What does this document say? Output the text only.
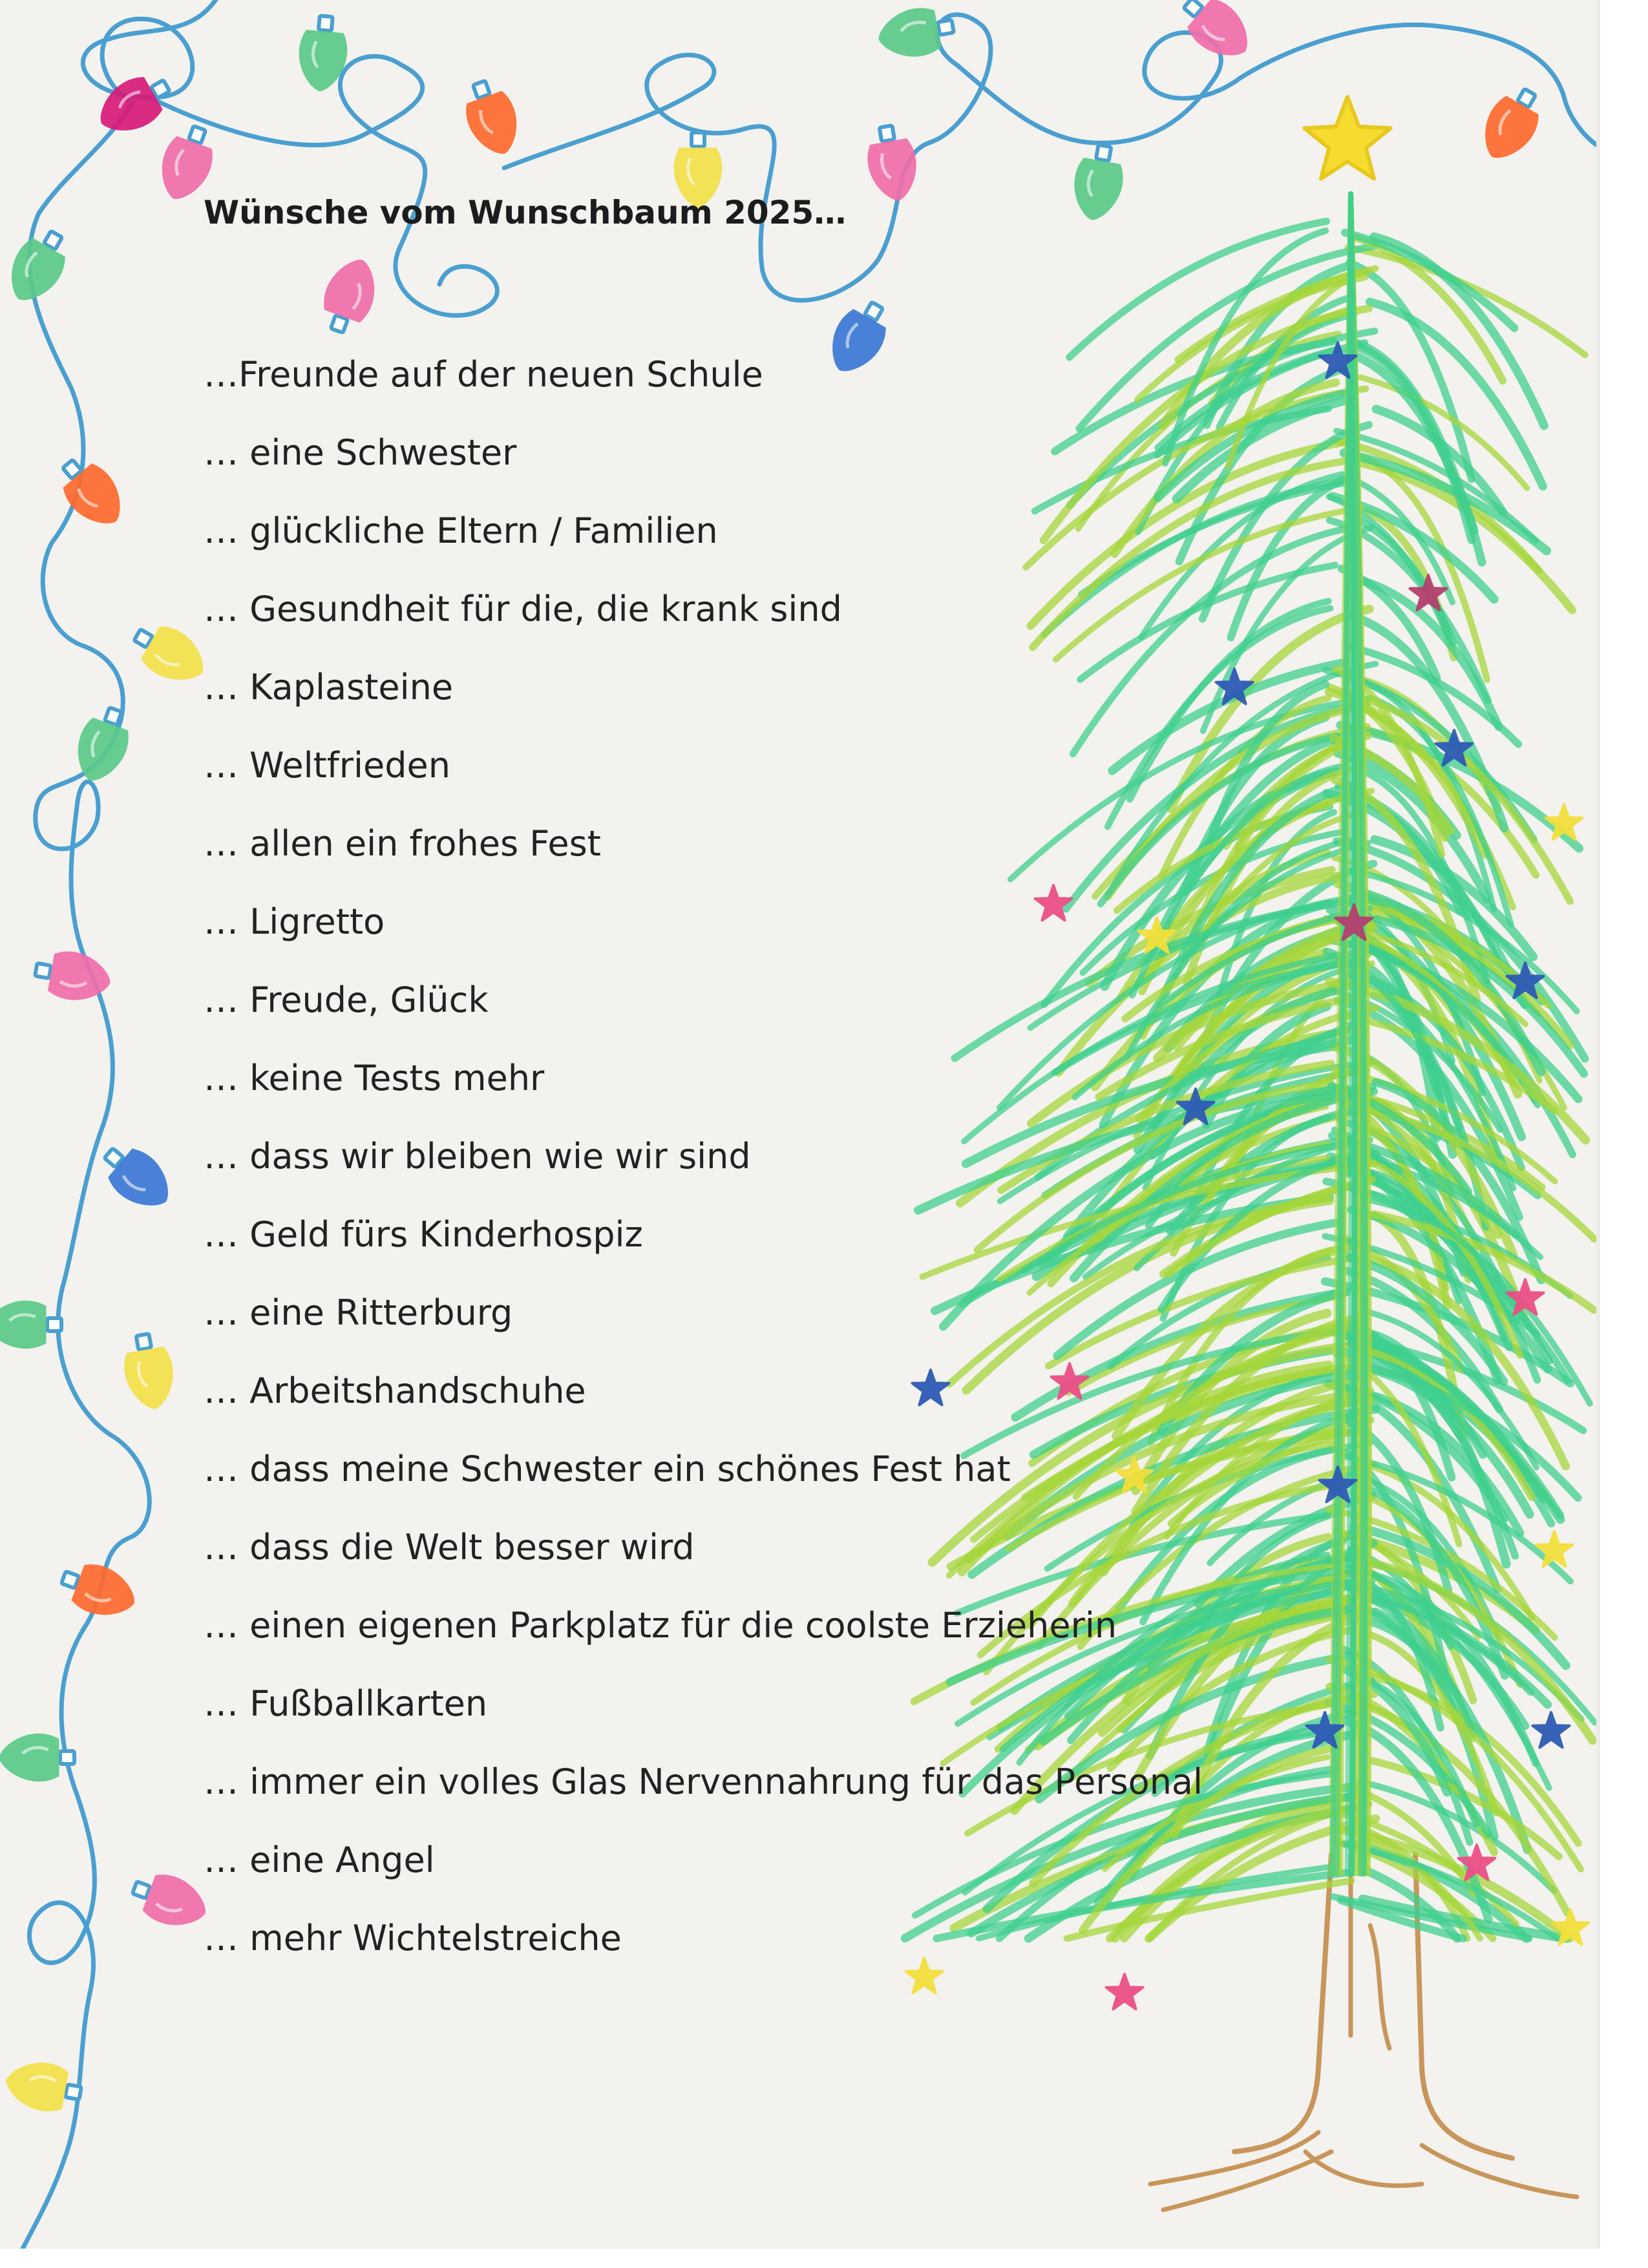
Wünsche vom Wunschbaum 2025…
…Freunde auf der neuen Schule
… eine Schwester
… glückliche Eltern / Familien
… Gesundheit für die, die krank sind
… Kaplasteine
… Weltfrieden
… allen ein frohes Fest
… Ligretto
… Freude, Glück
… keine Tests mehr
… dass wir bleiben wie wir sind
… Geld fürs Kinderhospiz
… eine Ritterburg
… Arbeitshandschuhe
… dass meine Schwester ein schönes Fest hat
… dass die Welt besser wird
… einen eigenen Parkplatz für die coolste Erzieherin
… Fußballkarten
… immer ein volles Glas Nervennahrung für das Personal
… eine Angel
… mehr Wichtelstreiche
